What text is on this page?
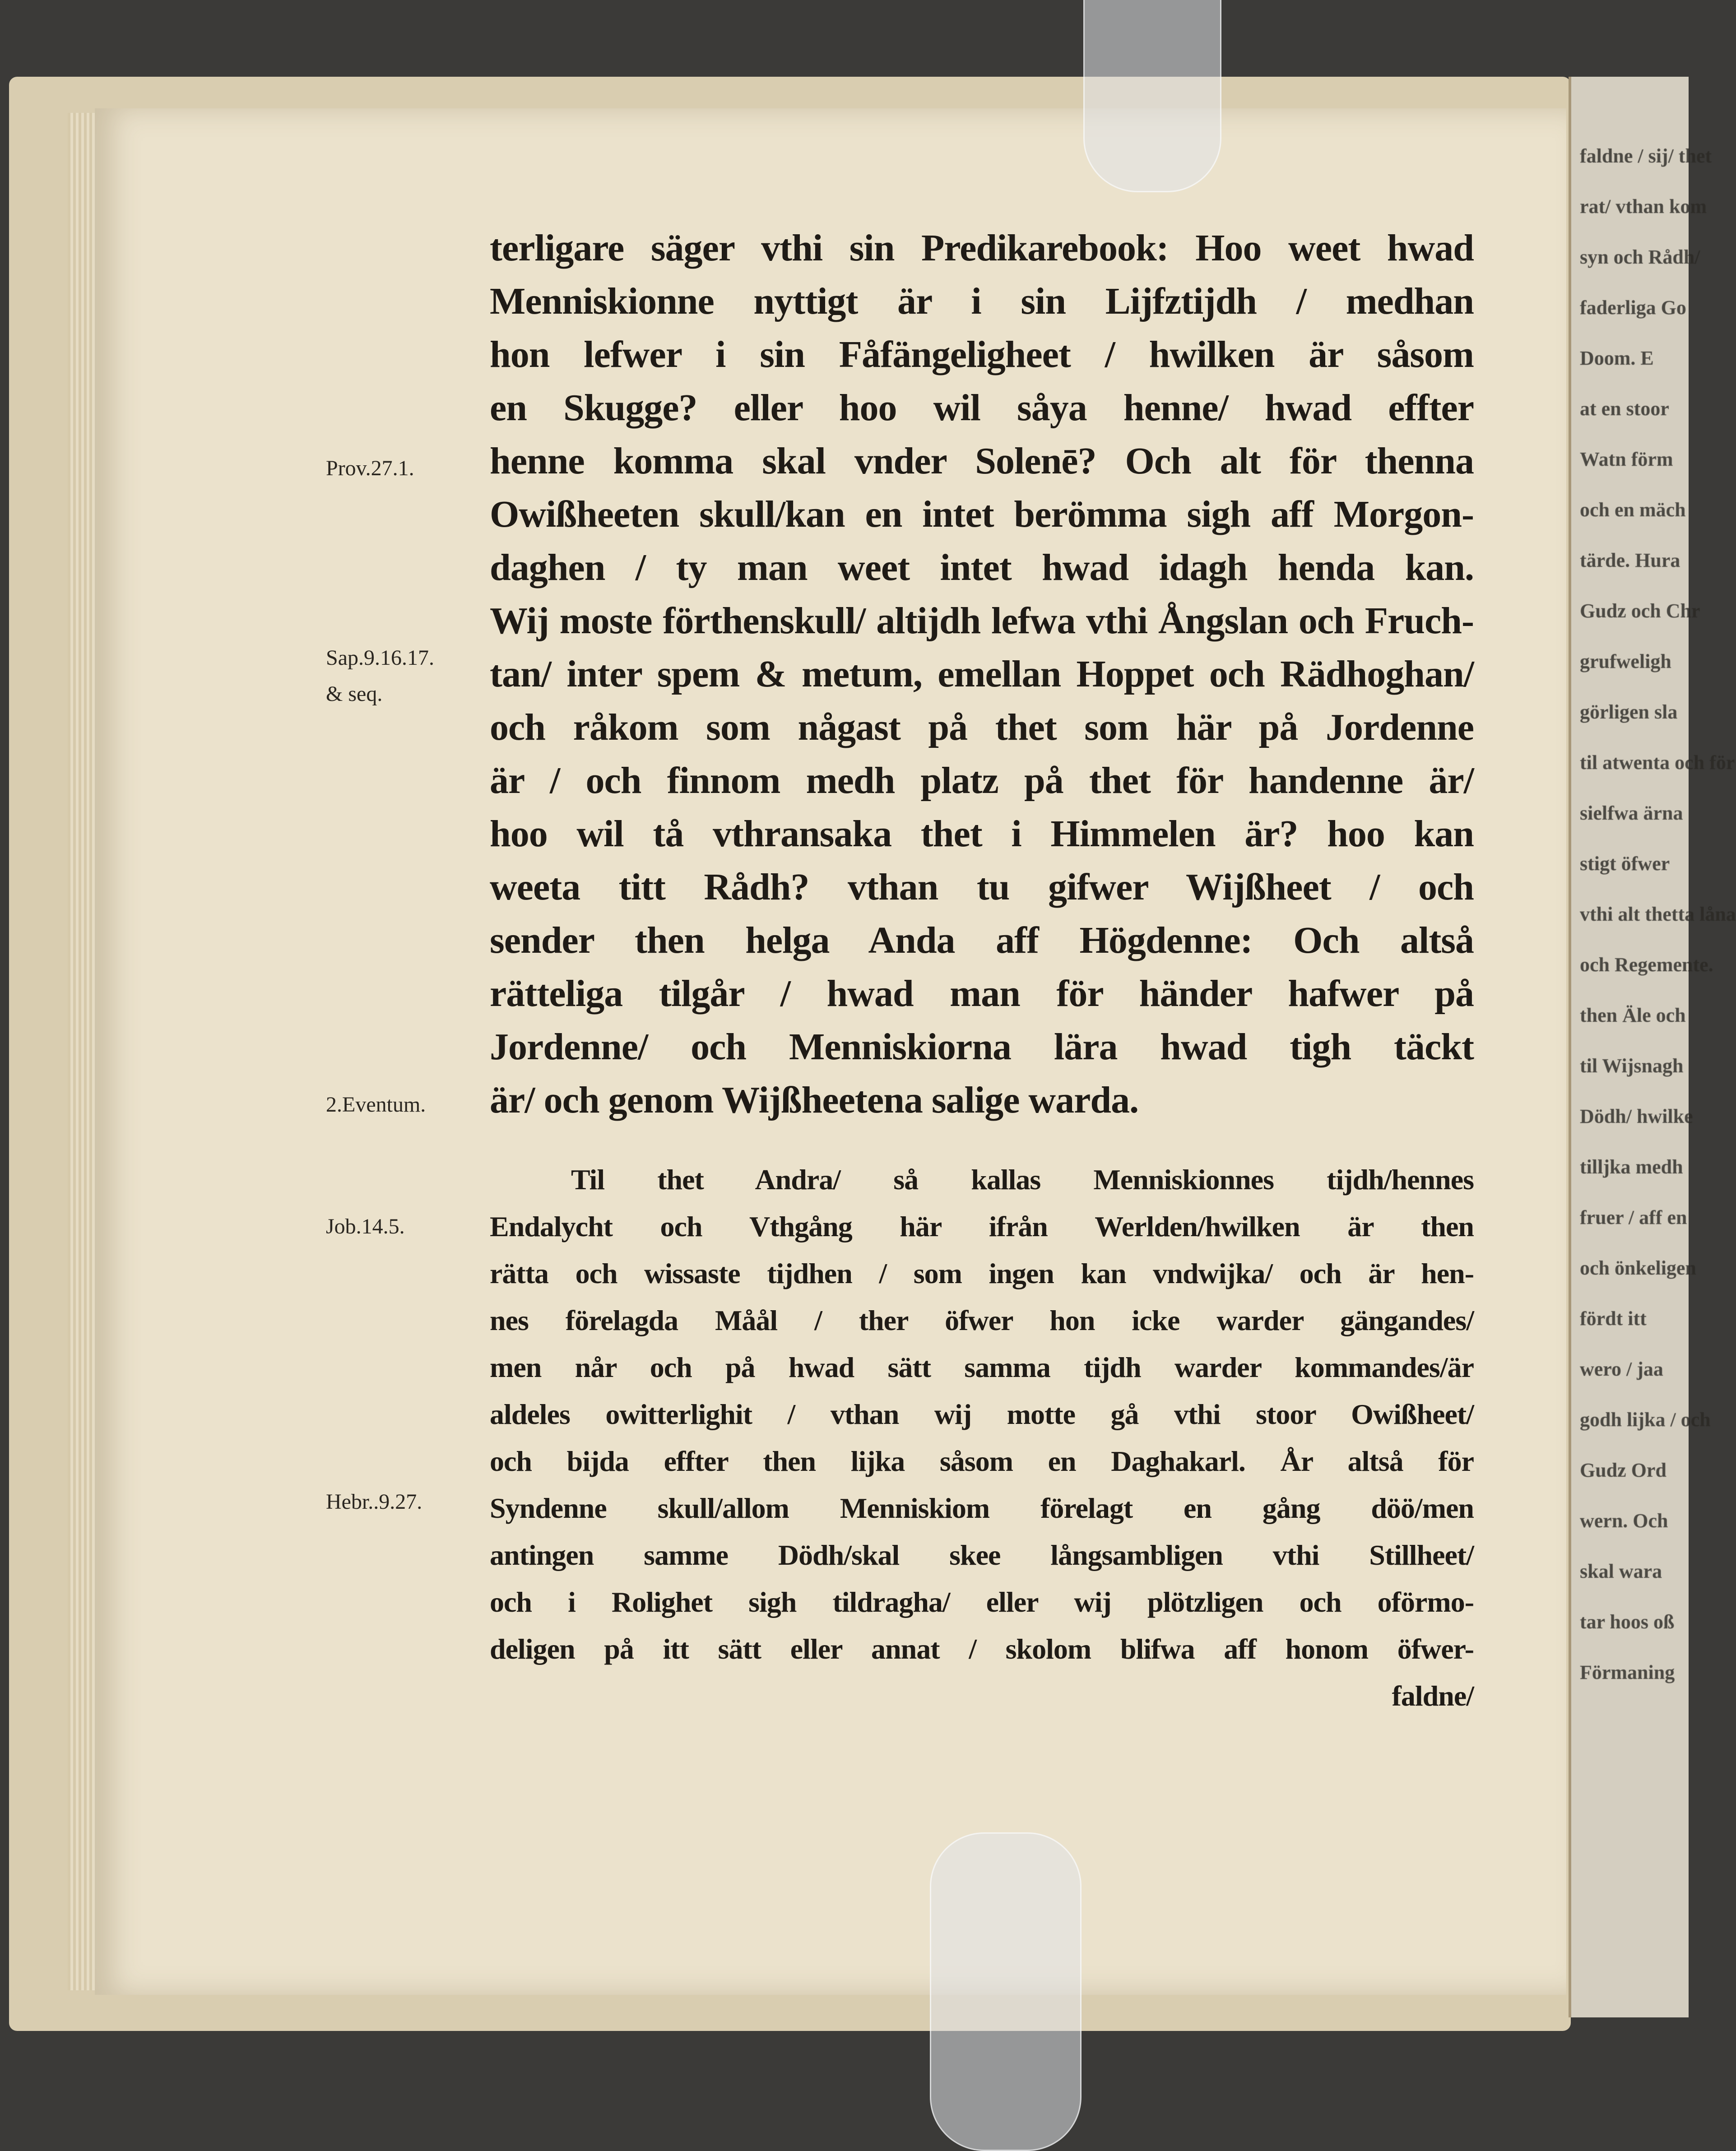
faldne / sij/ thet
rat/ vthan kom
syn och Rådh/
faderliga Go
Doom. E
at en stoor
Watn förm
och en mäch
tärde. Hura
Gudz och Chr
grufweligh
görligen sla
til atwenta och för
sielfwa ärna
stigt öfwer
vthi alt thetta låna
och Regemente.
then Äle och
til Wijsnagh
Dödh/ hwilke
tilljka medh
fruer / aff en
och önkeligen
fördt itt
wero / jaa
godh lijka / och
Gudz Ord
wern. Och
skal wara
tar hoos oß
Förmaning
terligare säger vthi sin Predikarebook: Hoo weet hwad
Menniskionne nyttigt är i sin Lijfztijdh / medhan
hon lefwer i sin Fåfängeligheet / hwilken är såsom
en Skugge? eller hoo wil såya henne/ hwad effter
henne komma skal vnder Solenē? Och alt för thenna
Owißheeten skull/kan en intet berömma sigh aff Morgon-
daghen / ty man weet intet hwad idagh henda kan.
Wij moste förthenskull/ altijdh lefwa vthi Ångslan och Fruch-
tan/ inter spem & metum, emellan Hoppet och Rädhoghan/
och råkom som någast på thet som här på Jordenne
är / och finnom medh platz på thet för handenne är/
hoo wil tå vthransaka thet i Himmelen är? hoo kan
weeta titt Rådh? vthan tu gifwer Wijßheet / och
sender then helga Anda aff Högdenne: Och altså
rätteliga tilgår / hwad man för händer hafwer på
Jordenne/ och Menniskiorna lära hwad tigh täckt
är/ och genom Wijßheetena salige warda.
Til thet Andra/ så kallas Menniskionnes tijdh/hennes
Endalycht och Vthgång här ifrån Werlden/hwilken är then
rätta och wissaste tijdhen / som ingen kan vndwijka/ och är hen-
nes förelagda Måål / ther öfwer hon icke warder gängandes/
men når och på hwad sätt samma tijdh warder kommandes/är
aldeles owitterlighit / vthan wij motte gå vthi stoor Owißheet/
och bijda effter then lijka såsom en Daghakarl. År altså för
Syndenne skull/allom Menniskiom förelagt en gång döö/men
antingen samme Dödh/skal skee långsambligen vthi Stillheet/
och i Rolighet sigh tildragha/ eller wij plötzligen och oförmo-
deligen på itt sätt eller annat / skolom blifwa aff honom öfwer-
faldne/
Prov.27.1.
Sap.9.16.17.
& seq.
2.Eventum.
Job.14.5.
Hebr..9.27.
